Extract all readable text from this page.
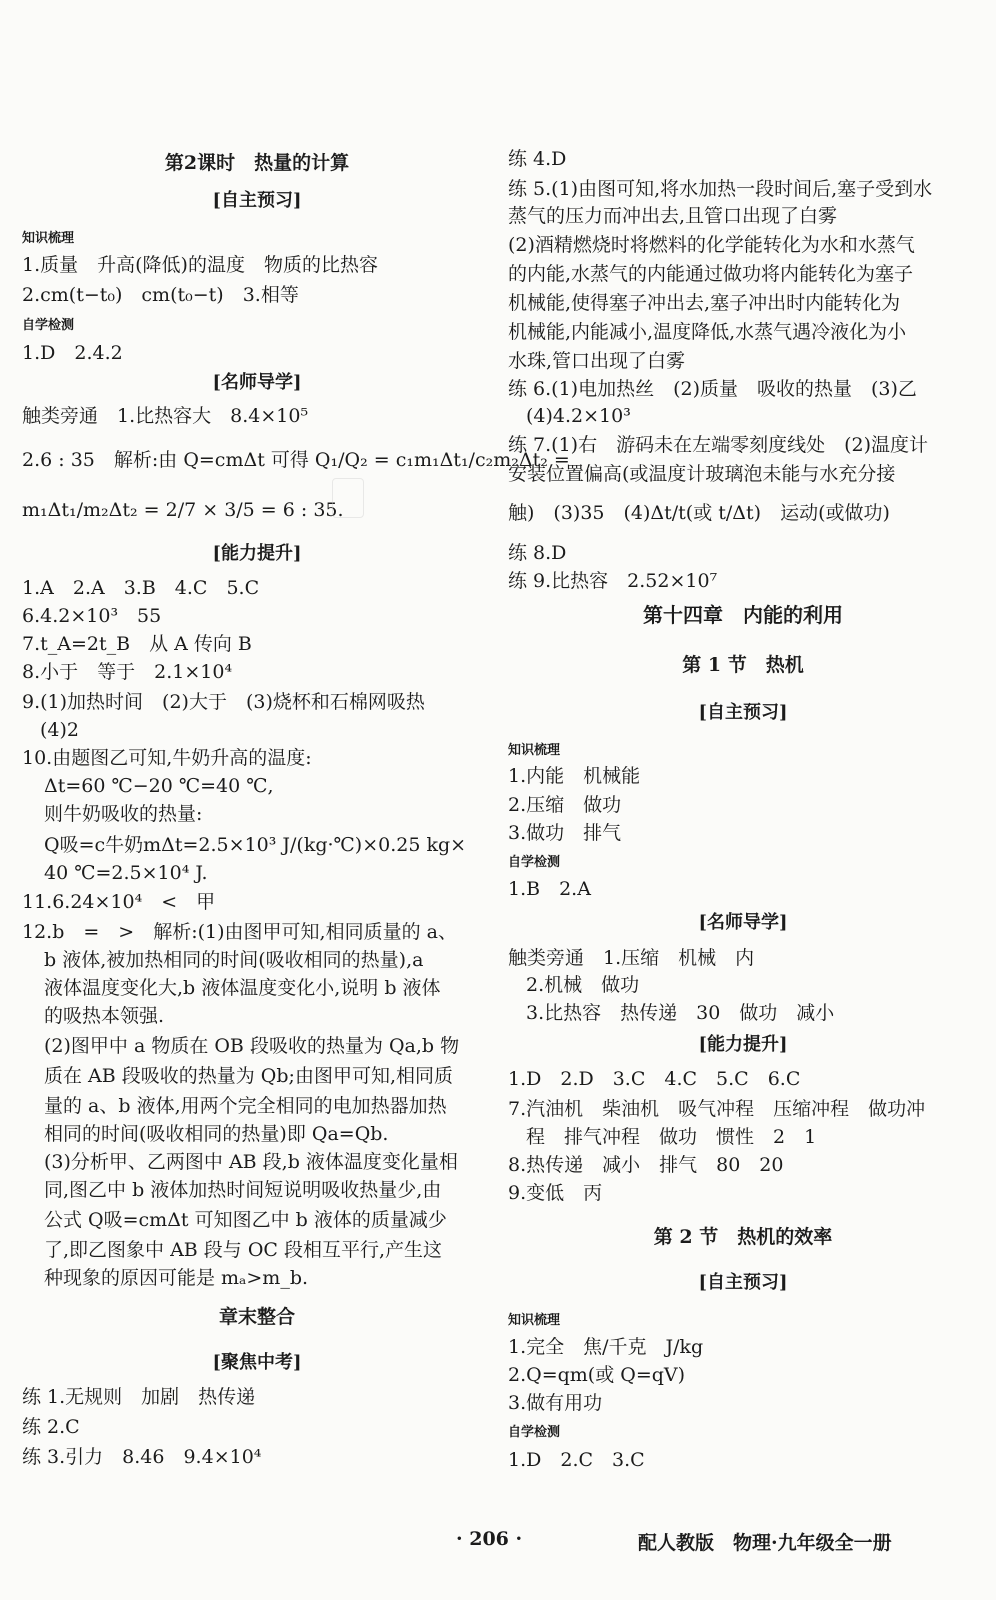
第2课时　热量的计算
[自主预习]
知识梳理
1.质量　升高(降低)的温度　物质的比热容
2.cm(t−t₀)　cm(t₀−t)　3.相等
自学检测
1.D　2.4.2
[名师导学]
触类旁通　1.比热容大　8.4×10⁵
2.6 : 35　解析:由 Q=cmΔt 可得 Q₁/Q₂ = c₁m₁Δt₁/c₂m₂Δt₂ =
m₁Δt₁/m₂Δt₂ = 2/7 × 3/5 = 6 : 35.
[能力提升]
1.A　2.A　3.B　4.C　5.C
6.4.2×10³　55
7.t_A=2t_B　从 A 传向 B
8.小于　等于　2.1×10⁴
9.(1)加热时间　(2)大于　(3)烧杯和石棉网吸热
(4)2
10.由题图乙可知,牛奶升高的温度:
Δt=60 ℃−20 ℃=40 ℃,
则牛奶吸收的热量:
Q吸=c牛奶mΔt=2.5×10³ J/(kg·℃)×0.25 kg×
40 ℃=2.5×10⁴ J.
11.6.24×10⁴　<　甲
12.b　=　>　解析:(1)由图甲可知,相同质量的 a、
b 液体,被加热相同的时间(吸收相同的热量),a
液体温度变化大,b 液体温度变化小,说明 b 液体
的吸热本领强.
(2)图甲中 a 物质在 OB 段吸收的热量为 Qa,b 物
质在 AB 段吸收的热量为 Qb;由图甲可知,相同质
量的 a、b 液体,用两个完全相同的电加热器加热
相同的时间(吸收相同的热量)即 Qa=Qb.
(3)分析甲、乙两图中 AB 段,b 液体温度变化量相
同,图乙中 b 液体加热时间短说明吸收热量少,由
公式 Q吸=cmΔt 可知图乙中 b 液体的质量减少
了,即乙图象中 AB 段与 OC 段相互平行,产生这
种现象的原因可能是 mₐ>m_b.
章末整合
[聚焦中考]
练 1.无规则　加剧　热传递
练 2.C
练 3.引力　8.46　9.4×10⁴
练 4.D
练 5.(1)由图可知,将水加热一段时间后,塞子受到水
蒸气的压力而冲出去,且管口出现了白雾
(2)酒精燃烧时将燃料的化学能转化为水和水蒸气
的内能,水蒸气的内能通过做功将内能转化为塞子
机械能,使得塞子冲出去,塞子冲出时内能转化为
机械能,内能减小,温度降低,水蒸气遇冷液化为小
水珠,管口出现了白雾
练 6.(1)电加热丝　(2)质量　吸收的热量　(3)乙
(4)4.2×10³
练 7.(1)右　游码未在左端零刻度线处　(2)温度计
安装位置偏高(或温度计玻璃泡未能与水充分接
触)　(3)35　(4)Δt/t(或 t/Δt)　运动(或做功)
练 8.D
练 9.比热容　2.52×10⁷
第十四章　内能的利用
第 1 节　热机
[自主预习]
知识梳理
1.内能　机械能
2.压缩　做功
3.做功　排气
自学检测
1.B　2.A
[名师导学]
触类旁通　1.压缩　机械　内
2.机械　做功
3.比热容　热传递　30　做功　减小
[能力提升]
1.D　2.D　3.C　4.C　5.C　6.C
7.汽油机　柴油机　吸气冲程　压缩冲程　做功冲
程　排气冲程　做功　惯性　2　1
8.热传递　减小　排气　80　20
9.变低　丙
第 2 节　热机的效率
[自主预习]
知识梳理
1.完全　焦/千克　J/kg
2.Q=qm(或 Q=qV)
3.做有用功
自学检测
1.D　2.C　3.C
· 206 ·	配人教版　物理·九年级全一册
